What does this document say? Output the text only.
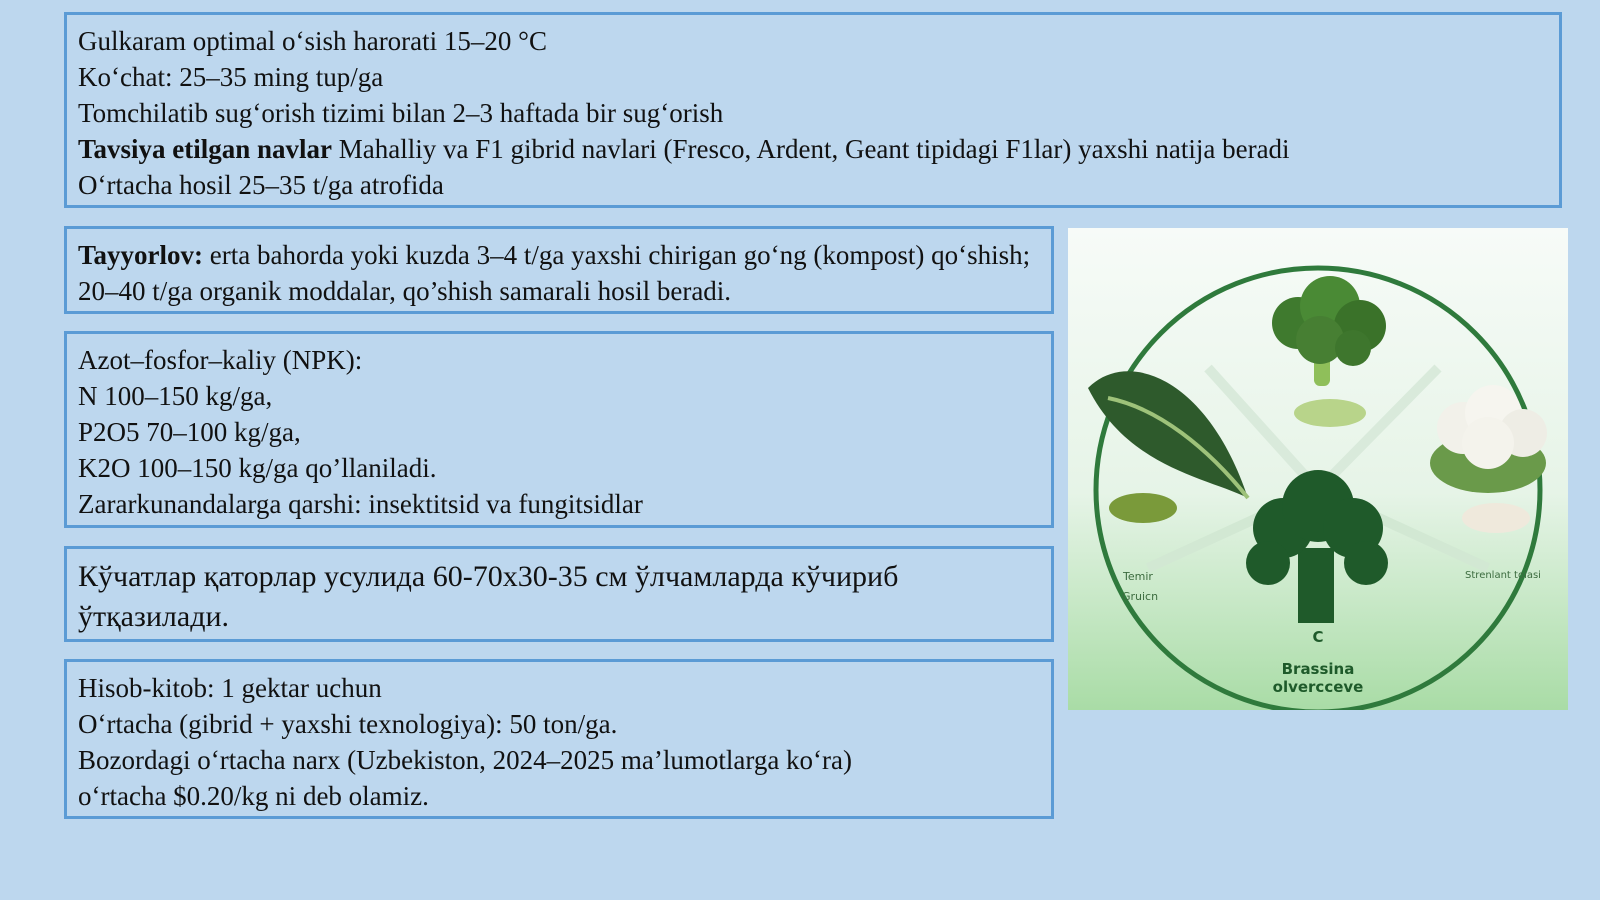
Gulkaram optimal o‘sish harorati 15–20 °C
Ko‘chat: 25–35 ming tup/ga
Tomchilatib sug‘orish tizimi bilan 2–3 haftada bir sug‘orish
Tavsiya etilgan navlar Mahalliy va F1 gibrid navlari (Fresco, Ardent, Geant tipidagi F1lar) yaxshi natija beradi
O‘rtacha hosil 25–35 t/ga atrofida
Tayyorlov: erta bahorda yoki kuzda 3–4 t/ga yaxshi chirigan go‘ng (kompost) qo‘shish; 20–40 t/ga organik moddalar, qo’shish samarali hosil beradi.
Azot–fosfor–kaliy (NPK):
N 100–150 kg/ga,
P2O5 70–100 kg/ga,
K2O 100–150 kg/ga qo’llaniladi.
Zararkunandalarga qarshi: insektitsid va fungitsidlar
Кўчатлар қаторлар усулида 60-70х30-35 см ўлчамларда кўчириб ўтқазилади.
Hisob-kitob: 1 gektar uchun
O‘rtacha (gibrid + yaxshi texnologiya): 50 ton/ga.
Bozordagi o‘rtacha narx (Uzbekiston, 2024–2025 ma’lumotlarga ko‘ra)
o‘rtacha $0.20/kg ni deb olamiz.
Temir
Gruicn
Strenlant tolasi
C
Brassina
olvercceve
